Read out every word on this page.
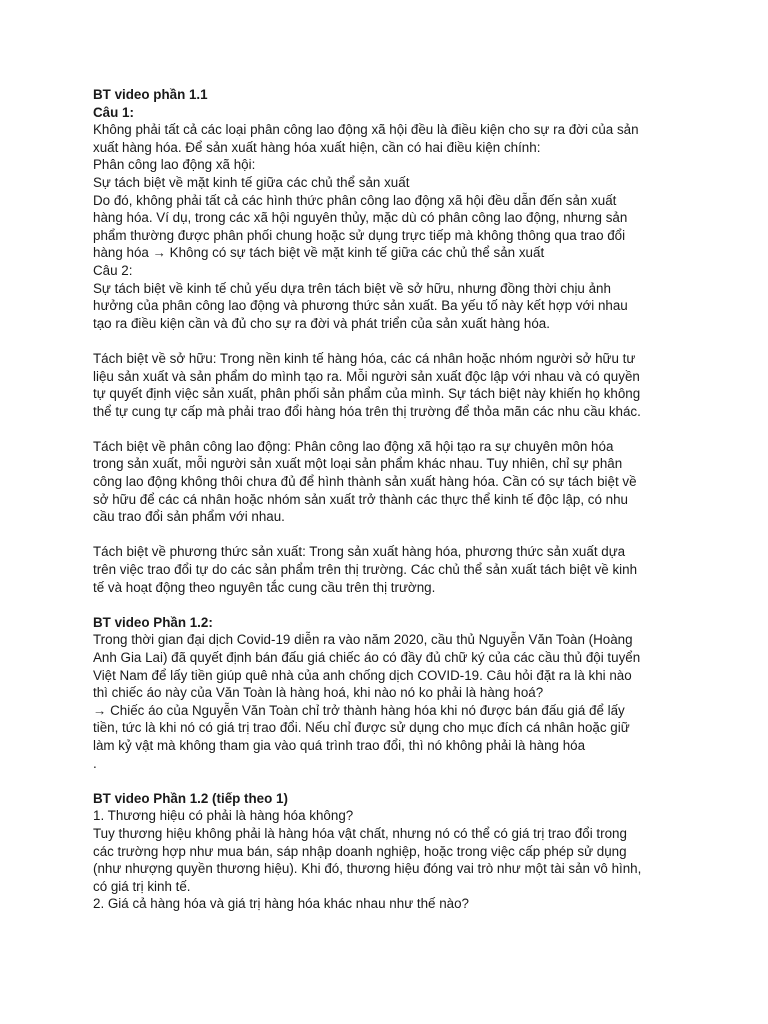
BT video phần 1.1
Câu 1:
Không phải tất cả các loại phân công lao động xã hội đều là điều kiện cho sự ra đời của sản
xuất hàng hóa. Để sản xuất hàng hóa xuất hiện, cần có hai điều kiện chính:
Phân công lao động xã hội:
Sự tách biệt về mặt kinh tế giữa các chủ thể sản xuất
Do đó, không phải tất cả các hình thức phân công lao động xã hội đều dẫn đến sản xuất
hàng hóa. Ví dụ, trong các xã hội nguyên thủy, mặc dù có phân công lao động, nhưng sản
phẩm thường được phân phối chung hoặc sử dụng trực tiếp mà không thông qua trao đổi
hàng hóa → Không có sự tách biệt về mặt kinh tế giữa các chủ thể sản xuất
Câu 2:
Sự tách biệt về kinh tế chủ yếu dựa trên tách biệt về sở hữu, nhưng đồng thời chịu ảnh
hưởng của phân công lao động và phương thức sản xuất. Ba yếu tố này kết hợp với nhau
tạo ra điều kiện cần và đủ cho sự ra đời và phát triển của sản xuất hàng hóa.

Tách biệt về sở hữu: Trong nền kinh tế hàng hóa, các cá nhân hoặc nhóm người sở hữu tư
liệu sản xuất và sản phẩm do mình tạo ra. Mỗi người sản xuất độc lập với nhau và có quyền
tự quyết định việc sản xuất, phân phối sản phẩm của mình. Sự tách biệt này khiến họ không
thể tự cung tự cấp mà phải trao đổi hàng hóa trên thị trường để thỏa mãn các nhu cầu khác.

Tách biệt về phân công lao động: Phân công lao động xã hội tạo ra sự chuyên môn hóa
trong sản xuất, mỗi người sản xuất một loại sản phẩm khác nhau. Tuy nhiên, chỉ sự phân
công lao động không thôi chưa đủ để hình thành sản xuất hàng hóa. Cần có sự tách biệt về
sở hữu để các cá nhân hoặc nhóm sản xuất trở thành các thực thể kinh tế độc lập, có nhu
cầu trao đổi sản phẩm với nhau.

Tách biệt về phương thức sản xuất: Trong sản xuất hàng hóa, phương thức sản xuất dựa
trên việc trao đổi tự do các sản phẩm trên thị trường. Các chủ thể sản xuất tách biệt về kinh
tế và hoạt động theo nguyên tắc cung cầu trên thị trường.

BT video Phần 1.2:
Trong thời gian đại dịch Covid-19 diễn ra vào năm 2020, cầu thủ Nguyễn Văn Toàn (Hoàng
Anh Gia Lai) đã quyết định bán đấu giá chiếc áo có đầy đủ chữ ký của các cầu thủ đội tuyển
Việt Nam để lấy tiền giúp quê nhà của anh chống dịch COVID-19. Câu hỏi đặt ra là khi nào
thì chiếc áo này của Văn Toàn là hàng hoá, khi nào nó ko phải là hàng hoá?
→ Chiếc áo của Nguyễn Văn Toàn chỉ trở thành hàng hóa khi nó được bán đấu giá để lấy
tiền, tức là khi nó có giá trị trao đổi. Nếu chỉ được sử dụng cho mục đích cá nhân hoặc giữ
làm kỷ vật mà không tham gia vào quá trình trao đổi, thì nó không phải là hàng hóa
.

BT video Phần 1.2 (tiếp theo 1)
1. Thương hiệu có phải là hàng hóa không?
Tuy thương hiệu không phải là hàng hóa vật chất, nhưng nó có thể có giá trị trao đổi trong
các trường hợp như mua bán, sáp nhập doanh nghiệp, hoặc trong việc cấp phép sử dụng
(như nhượng quyền thương hiệu). Khi đó, thương hiệu đóng vai trò như một tài sản vô hình,
có giá trị kinh tế.
2. Giá cả hàng hóa và giá trị hàng hóa khác nhau như thế nào?
